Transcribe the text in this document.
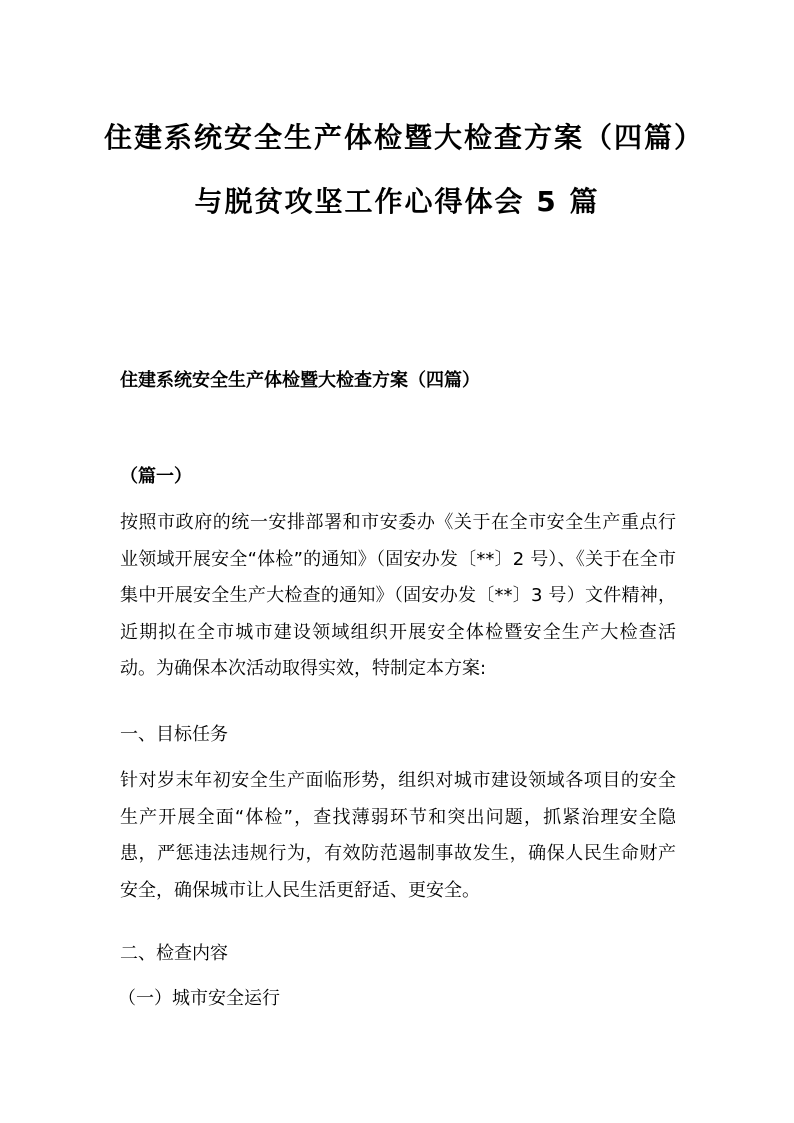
住建系统安全生产体检暨大检查方案（四篇）与脱贫攻坚工作心得体会 5 篇
住建系统安全生产体检暨大检查方案（四篇）
（篇一）

按照市政府的统一安排部署和市安委办《关于在全市安全生产重点行业领域开展安全“体检”的通知》（固安办发〔**〕2 号）、《关于在全市集中开展安全生产大检查的通知》（固安办发〔**〕3 号）文件精神，近期拟在全市城市建设领域组织开展安全体检暨安全生产大检查活动。为确保本次活动取得实效，特制定本方案:

一、目标任务

针对岁末年初安全生产面临形势，组织对城市建设领域各项目的安全生产开展全面“体检”，查找薄弱环节和突出问题，抓紧治理安全隐患，严惩违法违规行为，有效防范遏制事故发生，确保人民生命财产安全，确保城市让人民生活更舒适、更安全。

二、检查内容

（一）城市安全运行
